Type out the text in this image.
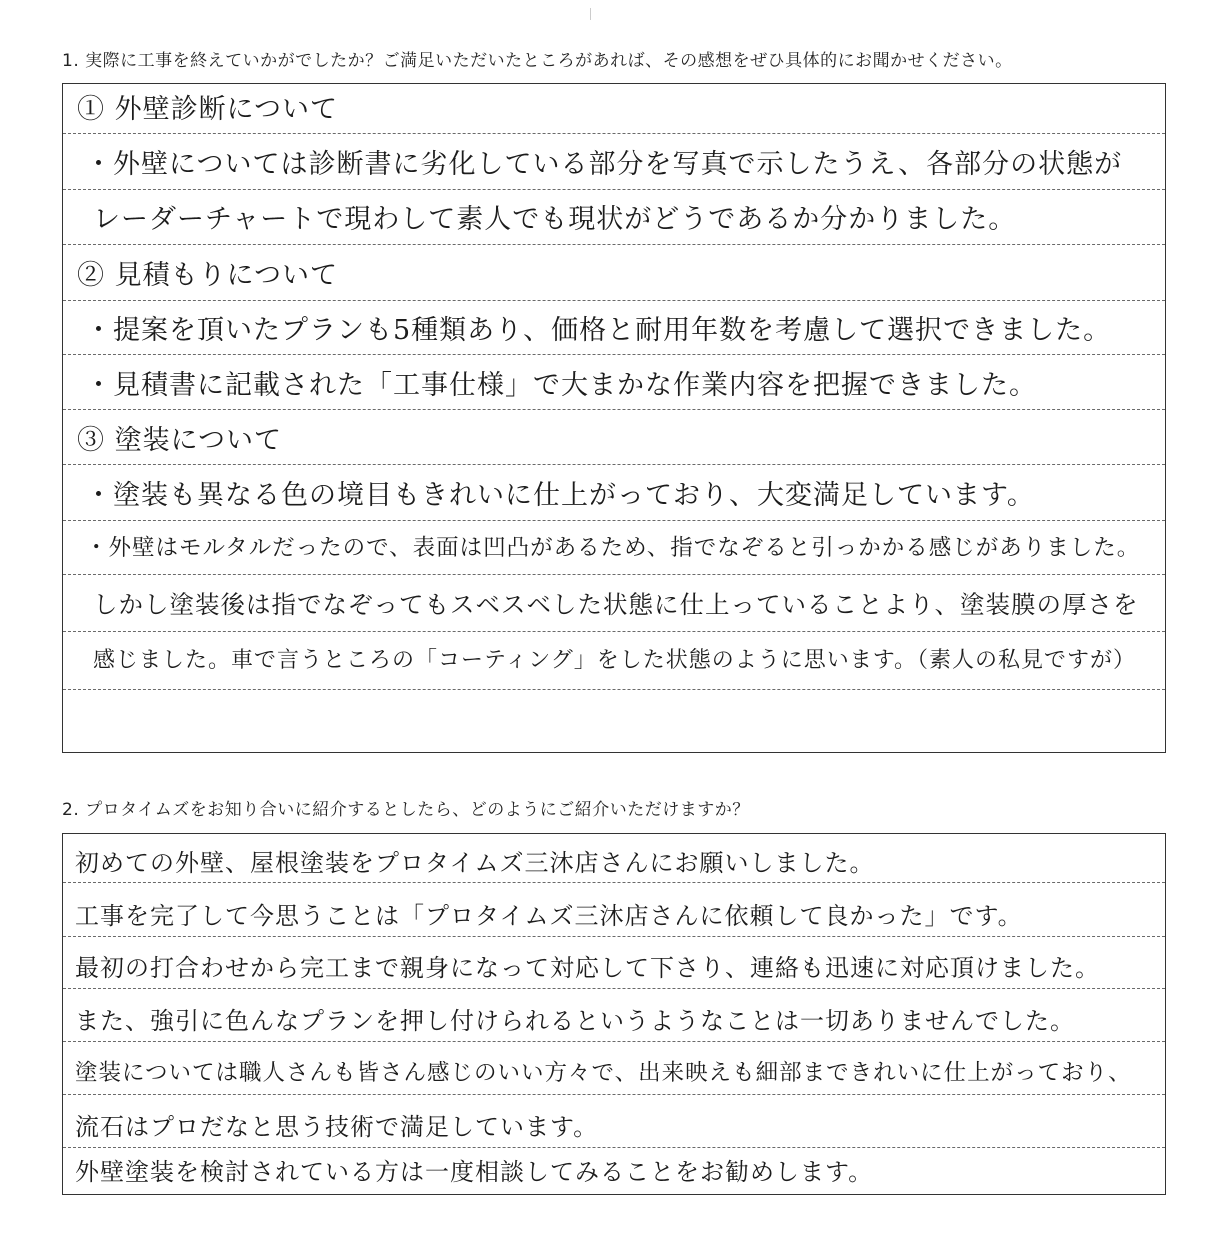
1. 実際に工事を終えていかがでしたか？ご満足いただいたところがあれば、その感想をぜひ具体的にお聞かせください。
① 外壁診断について
・外壁については診断書に劣化している部分を写真で示したうえ、各部分の状態が
レーダーチャートで現わして素人でも現状がどうであるか分かりました。
② 見積もりについて
・提案を頂いたプランも5種類あり、価格と耐用年数を考慮して選択できました。
・見積書に記載された「工事仕様」で大まかな作業内容を把握できました。
③ 塗装について
・塗装も異なる色の境目もきれいに仕上がっており、大変満足しています。
・外壁はモルタルだったので、表面は凹凸があるため、指でなぞると引っかかる感じがありました。
しかし塗装後は指でなぞってもスベスベした状態に仕上っていることより、塗装膜の厚さを
感じました。車で言うところの「コーティング」をした状態のように思います。（素人の私見ですが）
2. プロタイムズをお知り合いに紹介するとしたら、どのようにご紹介いただけますか？
初めての外壁、屋根塗装をプロタイムズ三沐店さんにお願いしました。
工事を完了して今思うことは「プロタイムズ三沐店さんに依頼して良かった」です。
最初の打合わせから完工まで親身になって対応して下さり、連絡も迅速に対応頂けました。
また、強引に色んなプランを押し付けられるというようなことは一切ありませんでした。
塗装については職人さんも皆さん感じのいい方々で、出来映えも細部まできれいに仕上がっており、
流石はプロだなと思う技術で満足しています。
外壁塗装を検討されている方は一度相談してみることをお勧めします。
